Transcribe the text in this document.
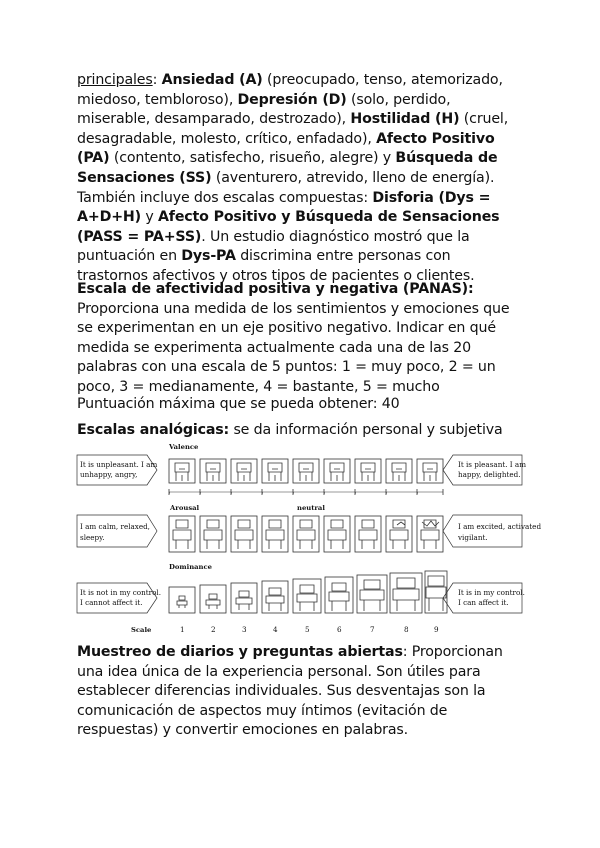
principales: Ansiedad (A) (preocupado, tenso, atemorizado, miedoso, tembloroso), Depresión (D) (solo, perdido, miserable, desamparado, destrozado), Hostilidad (H) (cruel, desagradable, molesto, crítico, enfadado), Afecto Positivo (PA) (contento, satisfecho, risueño, alegre) y Búsqueda de Sensaciones (SS) (aventurero, atrevido, lleno de energía). También incluye dos escalas compuestas: Disforia (Dys = A+D+H) y Afecto Positivo y Búsqueda de Sensaciones (PASS = PA+SS). Un estudio diagnóstico mostró que la puntuación en Dys-PA discrimina entre personas con trastornos afectivos y otros tipos de pacientes o clientes.

Escala de afectividad positiva y negativa (PANAS):
Proporciona una medida de los sentimientos y emociones que se experimentan en un eje positivo negativo. Indicar en qué medida se experimenta actualmente cada una de las 20 palabras con una escala de 5 puntos: 1 = muy poco, 2 = un poco, 3 = medianamente, 4 = bastante, 5 = mucho

Puntuación máxima que se pueda obtener: 40

Escalas analógicas: se da información personal y subjetiva

Valence
Arousal	neutral
Dominance
It is unpleasant. I am
unhappy, angry,
It is pleasant. I am
happy, delighted.
I am calm, relaxed,
sleepy.
I am excited, activated
vigilant.
It is not in my control.
I cannot affect it.
It is in my control.
I can affect it.
Scale	1	2	3	4	5	6	7	8	9

Muestreo de diarios y preguntas abiertas: Proporcionan una idea única de la experiencia personal. Son útiles para establecer diferencias individuales. Sus desventajas son la comunicación de aspectos muy íntimos (evitación de respuestas) y convertir emociones en palabras.
